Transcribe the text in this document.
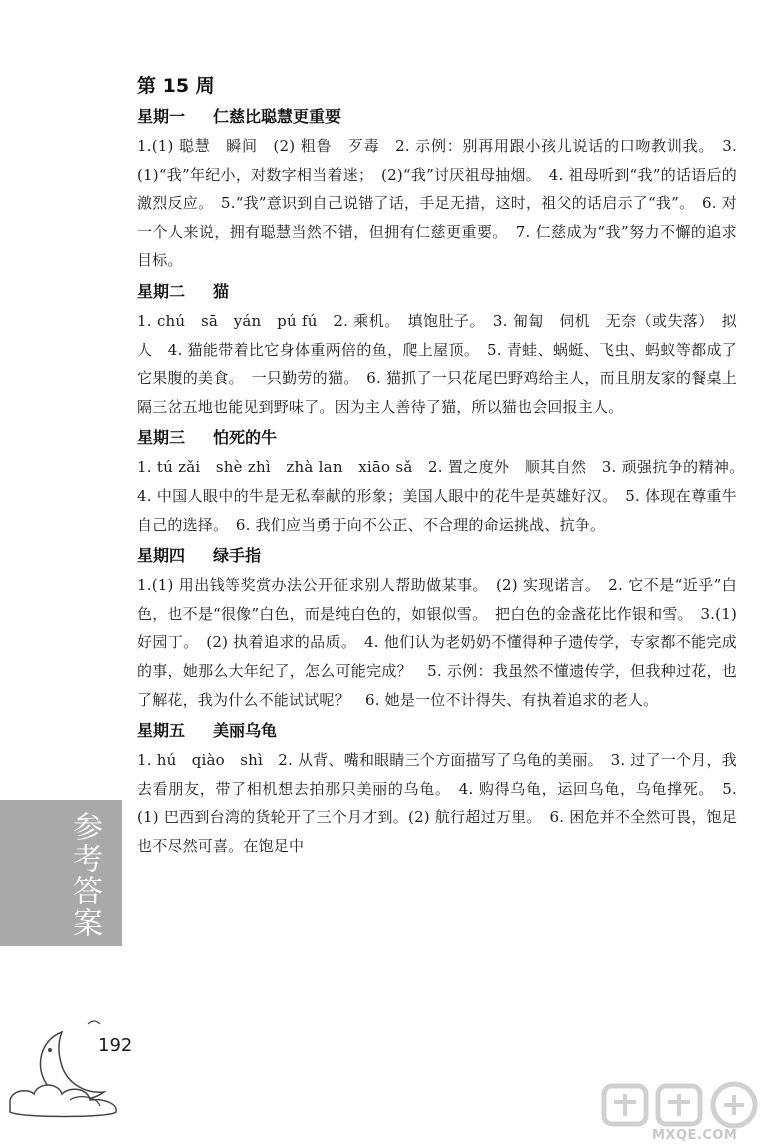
第 15 周
星期一 仁慈比聪慧更重要

1.(1) 聪慧　瞬间　(2) 粗鲁　歹毒　2. 示例：别再用跟小孩儿说话的口吻教训我。　3.(1)“我”年纪小，对数字相当着迷；　(2)“我”讨厌祖母抽烟。　4. 祖母听到“我”的话语后的激烈反应。　5.“我”意识到自己说错了话，手足无措，这时，祖父的话启示了“我”。　6. 对一个人来说，拥有聪慧当然不错，但拥有仁慈更重要。　7. 仁慈成为“我”努力不懈的追求目标。

星期二 猫

1. chú　sā　yán　pú fú　2. 乘机。　填饱肚子。　3. 匍匐　伺机　无奈（或失落）　拟人　4. 猫能带着比它身体重两倍的鱼，爬上屋顶。　5. 青蛙、蜗蜓、飞虫、蚂蚁等都成了它果腹的美食。　一只勤劳的猫。　6. 猫抓了一只花尾巴野鸡给主人，而且朋友家的餐桌上隔三岔五地也能见到野味了。因为主人善待了猫，所以猫也会回报主人。

星期三 怕死的牛

1. tú zǎi　shè zhì　zhà lan　xiāo sǎ　2. 置之度外　顺其自然　3. 顽强抗争的精神。　4. 中国人眼中的牛是无私奉献的形象；美国人眼中的花牛是英雄好汉。　5. 体现在尊重牛自己的选择。　6. 我们应当勇于向不公正、不合理的命运挑战、抗争。

星期四 绿手指

1.(1) 用出钱等奖赏办法公开征求别人帮助做某事。　(2) 实现诺言。　2. 它不是“近乎”白色，也不是“很像”白色，而是纯白色的，如银似雪。　把白色的金盏花比作银和雪。　3.(1) 好园丁。　(2) 执着追求的品质。　4. 他们认为老奶奶不懂得种子遗传学，专家都不能完成的事，她那么大年纪了，怎么可能完成？　5. 示例：我虽然不懂遗传学，但我种过花，也了解花，我为什么不能试试呢？　6. 她是一位不计得失、有执着追求的老人。

星期五 美丽乌龟

1. hú　qiào　shì　2. 从背、嘴和眼睛三个方面描写了乌龟的美丽。　3. 过了一个月，我去看朋友，带了相机想去拍那只美丽的乌龟。　4. 购得乌龟，运回乌龟，乌龟撑死。　5.(1) 巴西到台湾的货轮开了三个月才到。(2) 航行超过万里。　6. 困危并不全然可畏，饱足也不尽然可喜。在饱足中

参考答案
192
MXQE.COM
